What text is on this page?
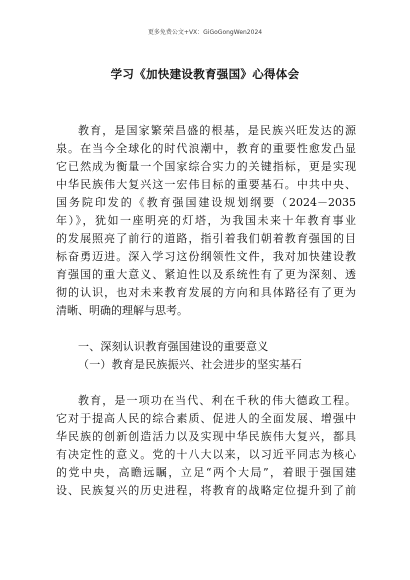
更多免费公文+VX：GiGoGongWen2024
学习《加快建设教育强国》心得体会
教育，是国家繁荣昌盛的根基，是民族兴旺发达的源
泉。在当今全球化的时代浪潮中，教育的重要性愈发凸显
它已然成为衡量一个国家综合实力的关键指标，更是实现
中华民族伟大复兴这一宏伟目标的重要基石。中共中央、
国务院印发的《教育强国建设规划纲要（2024－2035
年）》，犹如一座明亮的灯塔，为我国未来十年教育事业
的发展照亮了前行的道路，指引着我们朝着教育强国的目
标奋勇迈进。深入学习这份纲领性文件，我对加快建设教
育强国的重大意义、紧迫性以及系统性有了更为深刻、透
彻的认识，也对未来教育发展的方向和具体路径有了更为
清晰、明确的理解与思考。
一、深刻认识教育强国建设的重要意义
（一）教育是民族振兴、社会进步的坚实基石
教育，是一项功在当代、利在千秋的伟大德政工程。
它对于提高人民的综合素质、促进人的全面发展、增强中
华民族的创新创造活力以及实现中华民族伟大复兴，都具
有决定性的意义。党的十八大以来，以习近平同志为核心
的党中央，高瞻远瞩，立足“两个大局”，着眼于强国建
设、民族复兴的历史进程，将教育的战略定位提升到了前
